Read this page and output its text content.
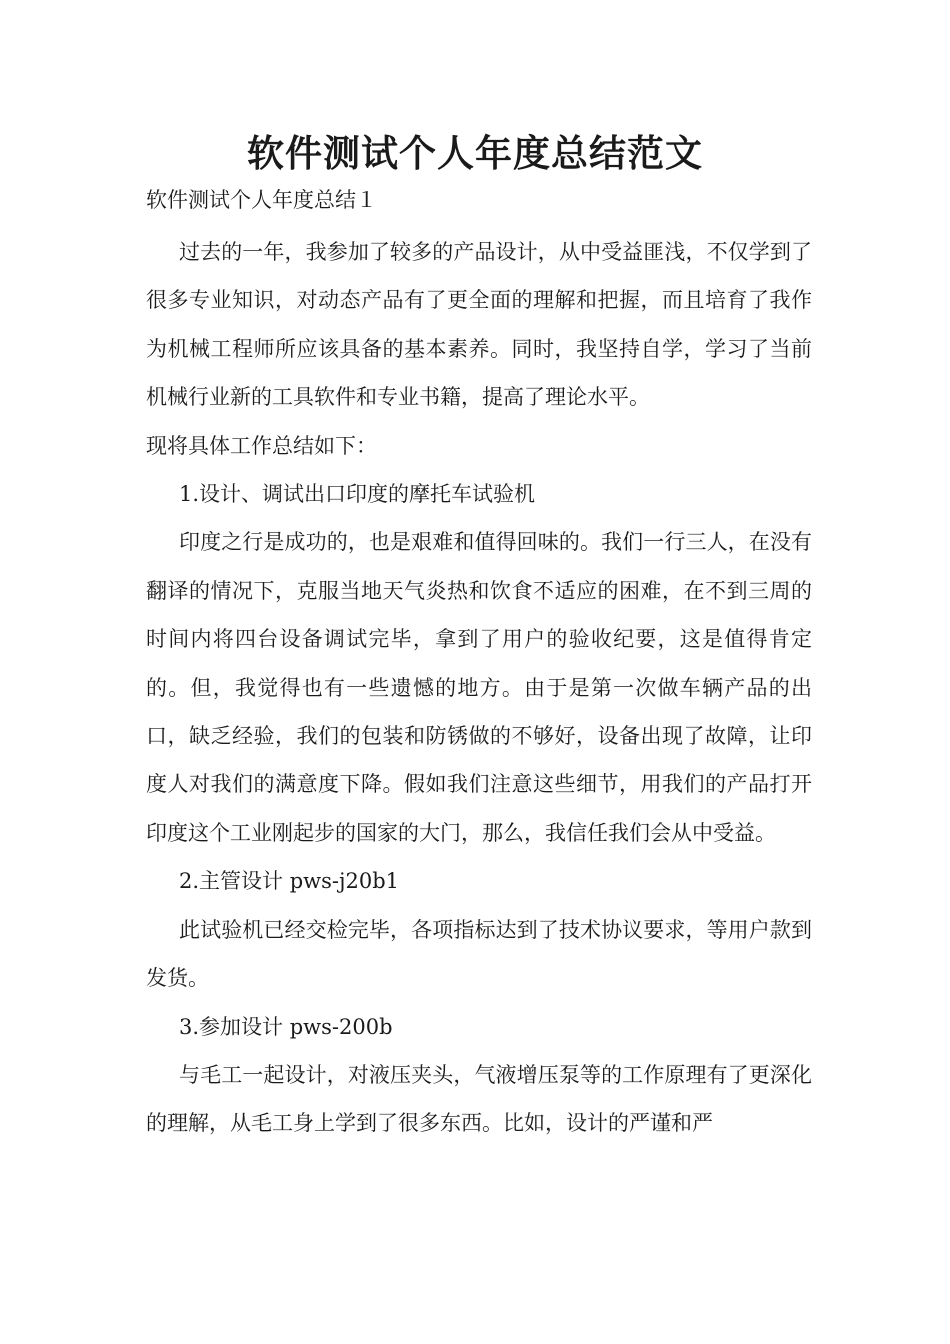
软件测试个人年度总结范文

软件测试个人年度总结１

过去的一年，我参加了较多的产品设计，从中受益匪浅，不仅学到了很多专业知识，对动态产品有了更全面的理解和把握，而且培育了我作为机械工程师所应该具备的基本素养。同时，我坚持自学，学习了当前机械行业新的工具软件和专业书籍，提高了理论水平。

现将具体工作总结如下：

1.设计、调试出口印度的摩托车试验机

印度之行是成功的，也是艰难和值得回味的。我们一行三人，在没有翻译的情况下，克服当地天气炎热和饮食不适应的困难，在不到三周的时间内将四台设备调试完毕，拿到了用户的验收纪要，这是值得肯定的。但，我觉得也有一些遗憾的地方。由于是第一次做车辆产品的出口，缺乏经验，我们的包装和防锈做的不够好，设备出现了故障，让印度人对我们的满意度下降。假如我们注意这些细节，用我们的产品打开印度这个工业刚起步的国家的大门，那么，我信任我们会从中受益。

2.主管设计 pws-j20b1

此试验机已经交检完毕，各项指标达到了技术协议要求，等用户款到发货。

3.参加设计 pws-200b

与毛工一起设计，对液压夹头，气液增压泵等的工作原理有了更深化的理解，从毛工身上学到了很多东西。比如，设计的严谨和严
